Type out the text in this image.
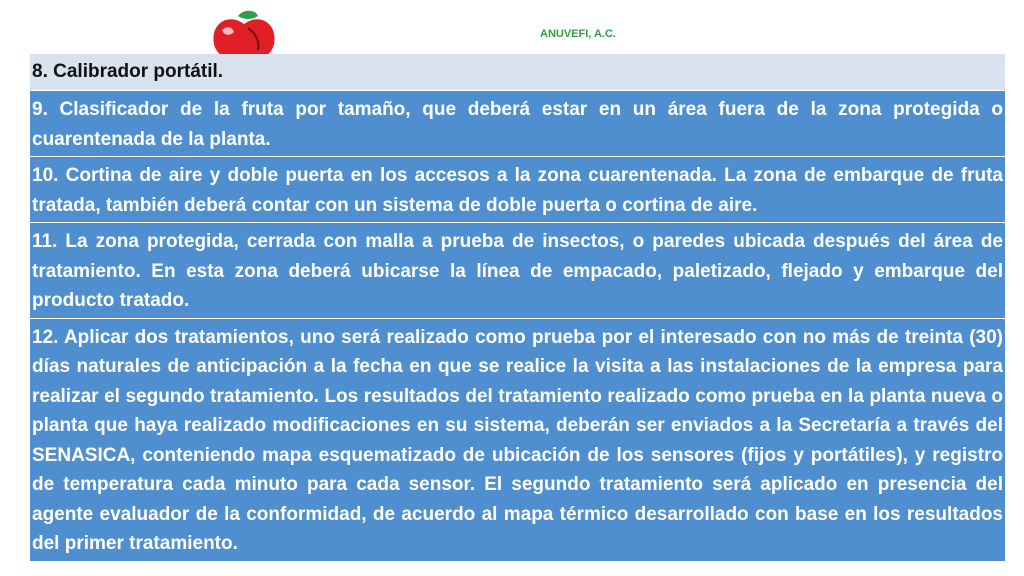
ANUVEFI, A.C.
8. Calibrador portátil.
9. Clasificador de la fruta por tamaño, que deberá estar en un área fuera de la zona protegida o cuarentenada de la planta.
10. Cortina de aire y doble puerta en los accesos a la zona cuarentenada. La zona de embarque de fruta tratada, también deberá contar con un sistema de doble puerta o cortina de aire.
11. La zona protegida, cerrada con malla a prueba de insectos, o paredes ubicada después del área de tratamiento. En esta zona deberá ubicarse la línea de empacado, paletizado, flejado y embarque del producto tratado.
12. Aplicar dos tratamientos, uno será realizado como prueba por el interesado con no más de treinta (30) días naturales de anticipación a la fecha en que se realice la visita a las instalaciones de la empresa para realizar el segundo tratamiento. Los resultados del tratamiento realizado como prueba en la planta nueva o planta que haya realizado modificaciones en su sistema, deberán ser enviados a la Secretaría a través del SENASICA, conteniendo mapa esquematizado de ubicación de los sensores (fijos y portátiles), y registro de temperatura cada minuto para cada sensor. El segundo tratamiento será aplicado en presencia del agente evaluador de la conformidad, de acuerdo al mapa térmico desarrollado con base en los resultados del primer tratamiento.
